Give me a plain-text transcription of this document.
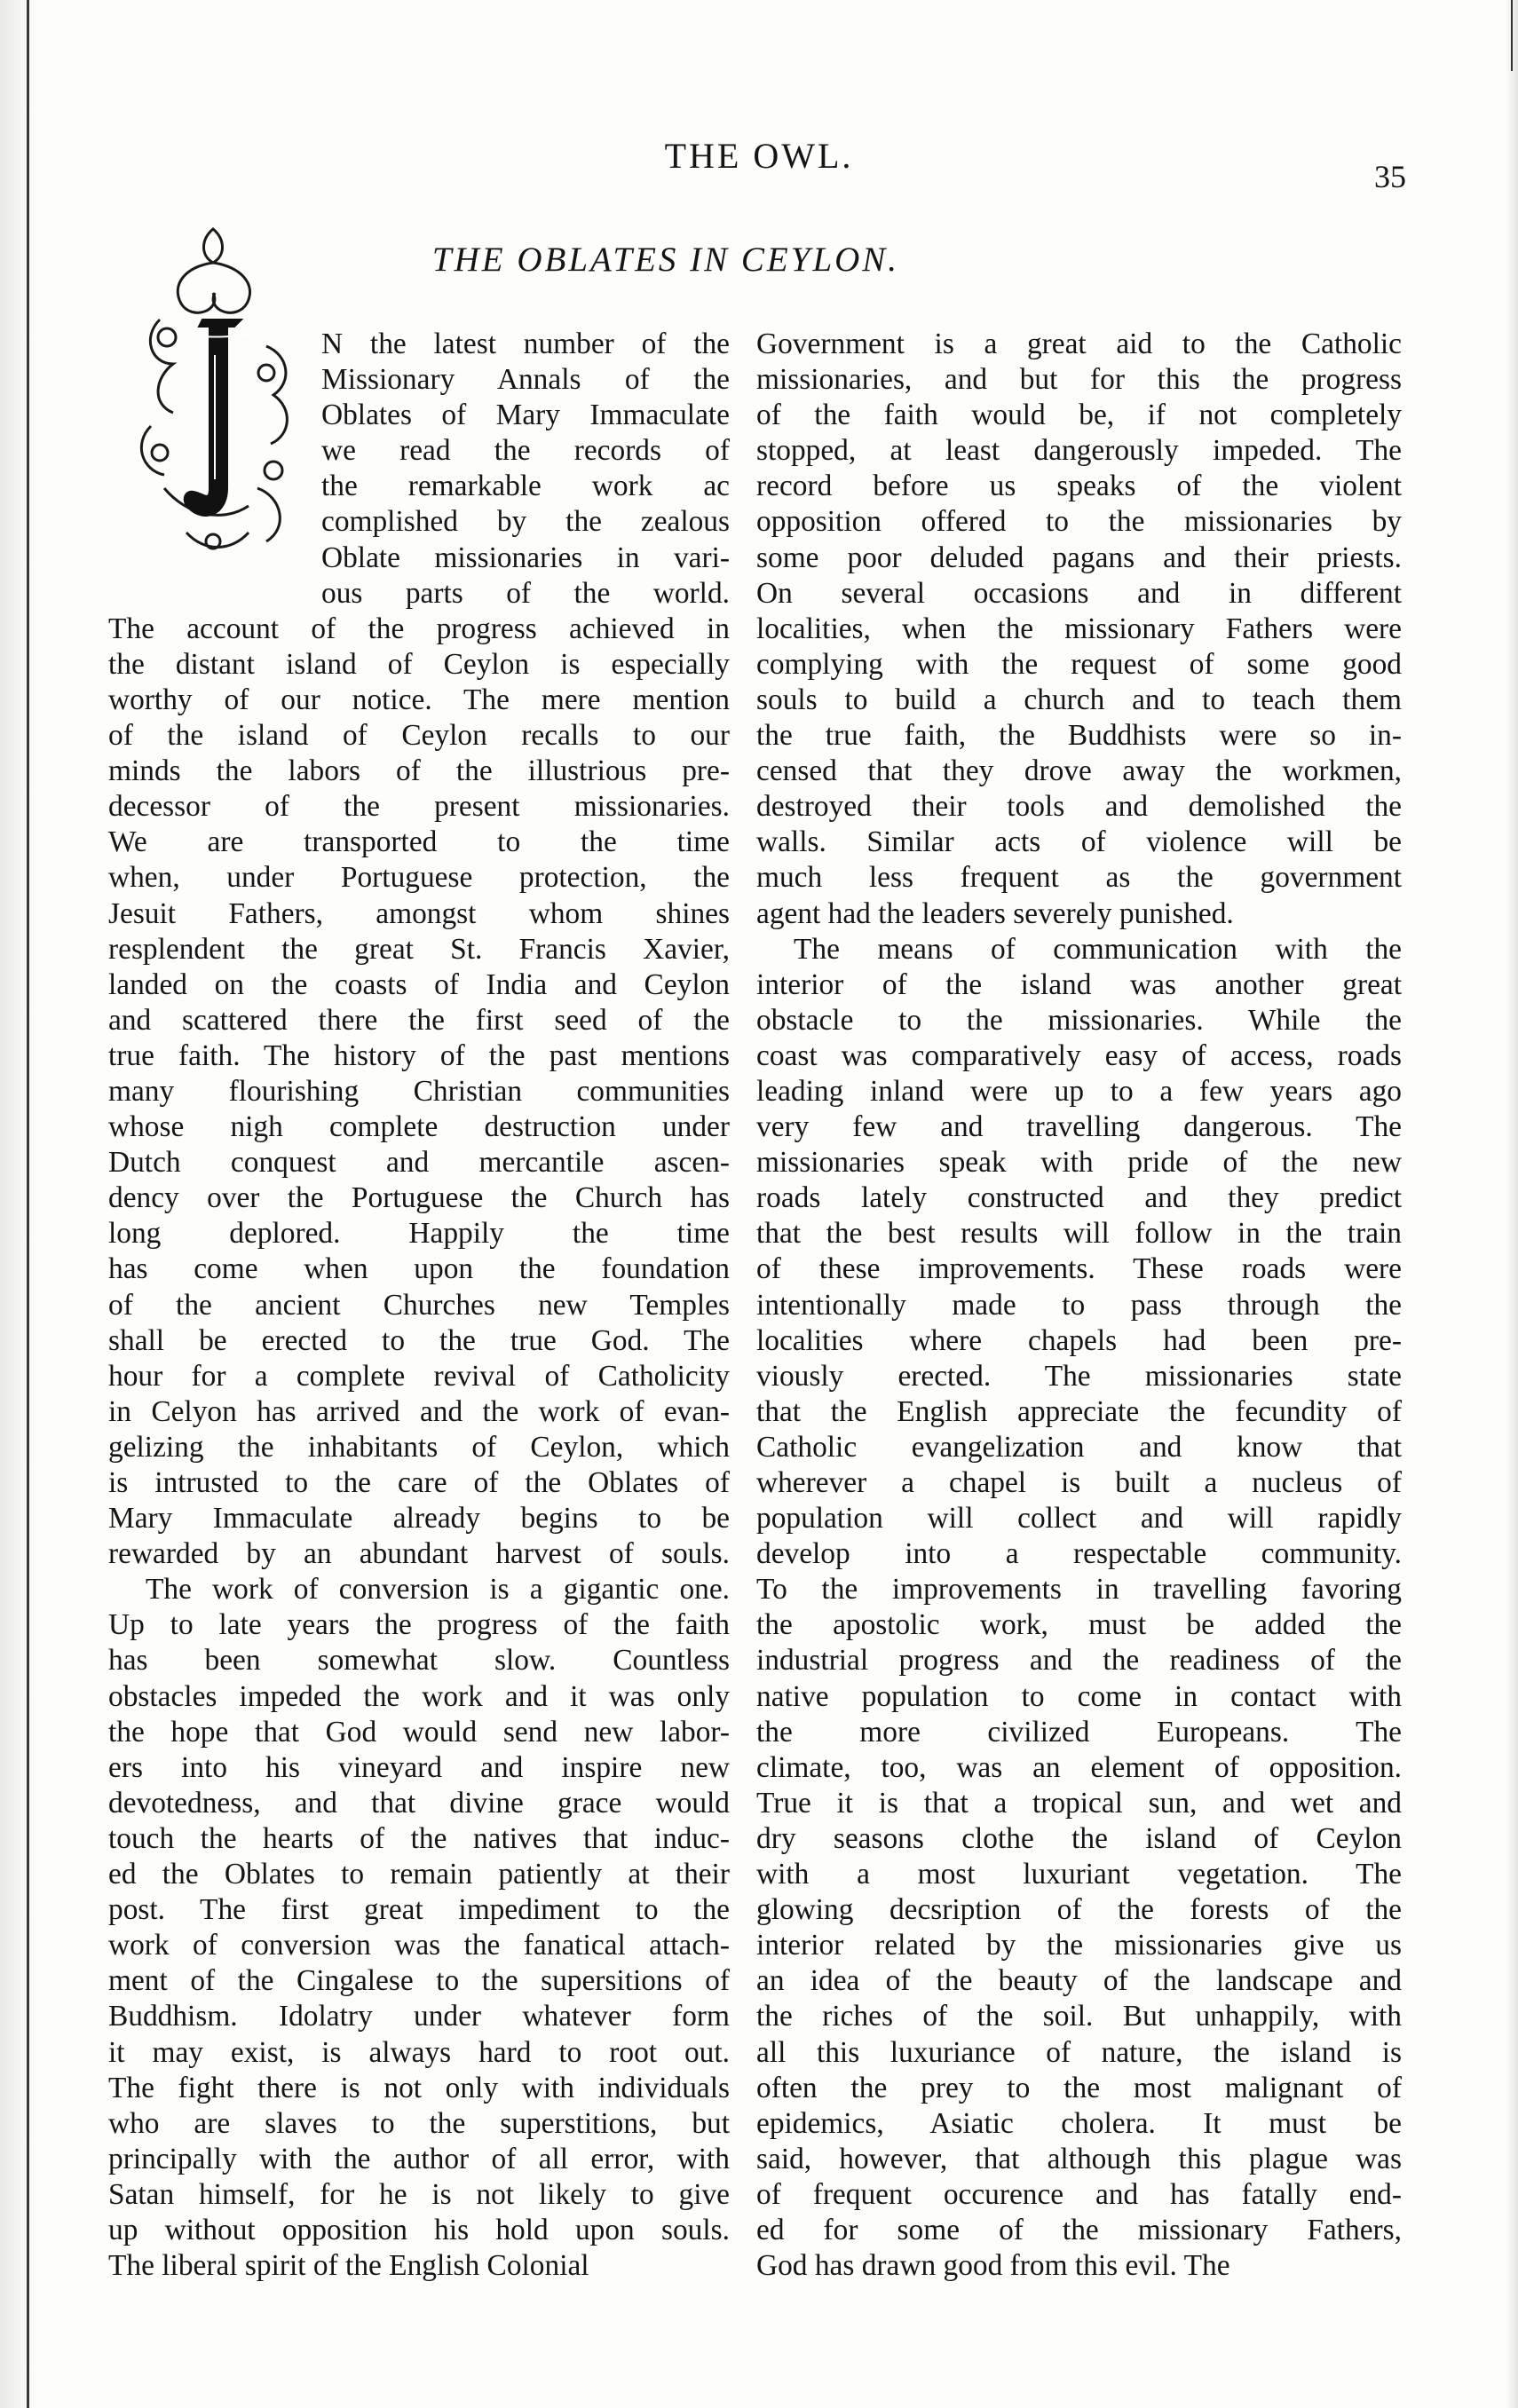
THE OWL.
35
THE OBLATES IN CEYLON.
N the latest number of the
Missionary Annals of the
Oblates of Mary Immaculate
we read the records of
the remarkable work ac
complished by the zealous
Oblate missionaries in vari-
ous parts of the world.
The account of the progress achieved in
the distant island of Ceylon is especially
worthy of our notice. The mere mention
of the island of Ceylon recalls to our
minds the labors of the illustrious pre-
decessor of the present missionaries.
We are transported to the time
when, under Portuguese protection, the
Jesuit Fathers, amongst whom shines
resplendent the great St. Francis Xavier,
landed on the coasts of India and Ceylon
and scattered there the first seed of the
true faith. The history of the past mentions
many flourishing Christian communities
whose nigh complete destruction under
Dutch conquest and mercantile ascen-
dency over the Portuguese the Church has
long deplored. Happily the time
has come when upon the foundation
of the ancient Churches new Temples
shall be erected to the true God. The
hour for a complete revival of Catholicity
in Celyon has arrived and the work of evan-
gelizing the inhabitants of Ceylon, which
is intrusted to the care of the Oblates of
Mary Immaculate already begins to be
rewarded by an abundant harvest of souls.
The work of conversion is a gigantic one.
Up to late years the progress of the faith
has been somewhat slow. Countless
obstacles impeded the work and it was only
the hope that God would send new labor-
ers into his vineyard and inspire new
devotedness, and that divine grace would
touch the hearts of the natives that induc-
ed the Oblates to remain patiently at their
post. The first great impediment to the
work of conversion was the fanatical attach-
ment of the Cingalese to the supersitions of
Buddhism. Idolatry under whatever form
it may exist, is always hard to root out.
The fight there is not only with individuals
who are slaves to the superstitions, but
principally with the author of all error, with
Satan himself, for he is not likely to give
up without opposition his hold upon souls.
The liberal spirit of the English Colonial
Government is a great aid to the Catholic
missionaries, and but for this the progress
of the faith would be, if not completely
stopped, at least dangerously impeded. The
record before us speaks of the violent
opposition offered to the missionaries by
some poor deluded pagans and their priests.
On several occasions and in different
localities, when the missionary Fathers were
complying with the request of some good
souls to build a church and to teach them
the true faith, the Buddhists were so in-
censed that they drove away the workmen,
destroyed their tools and demolished the
walls. Similar acts of violence will be
much less frequent as the government
agent had the leaders severely punished.
The means of communication with the
interior of the island was another great
obstacle to the missionaries. While the
coast was comparatively easy of access, roads
leading inland were up to a few years ago
very few and travelling dangerous. The
missionaries speak with pride of the new
roads lately constructed and they predict
that the best results will follow in the train
of these improvements. These roads were
intentionally made to pass through the
localities where chapels had been pre-
viously erected. The missionaries state
that the English appreciate the fecundity of
Catholic evangelization and know that
wherever a chapel is built a nucleus of
population will collect and will rapidly
develop into a respectable community.
To the improvements in travelling favoring
the apostolic work, must be added the
industrial progress and the readiness of the
native population to come in contact with
the more civilized Europeans. The
climate, too, was an element of opposition.
True it is that a tropical sun, and wet and
dry seasons clothe the island of Ceylon
with a most luxuriant vegetation. The
glowing decsription of the forests of the
interior related by the missionaries give us
an idea of the beauty of the landscape and
the riches of the soil. But unhappily, with
all this luxuriance of nature, the island is
often the prey to the most malignant of
epidemics, Asiatic cholera. It must be
said, however, that although this plague was
of frequent occurence and has fatally end-
ed for some of the missionary Fathers,
God has drawn good from this evil. The
